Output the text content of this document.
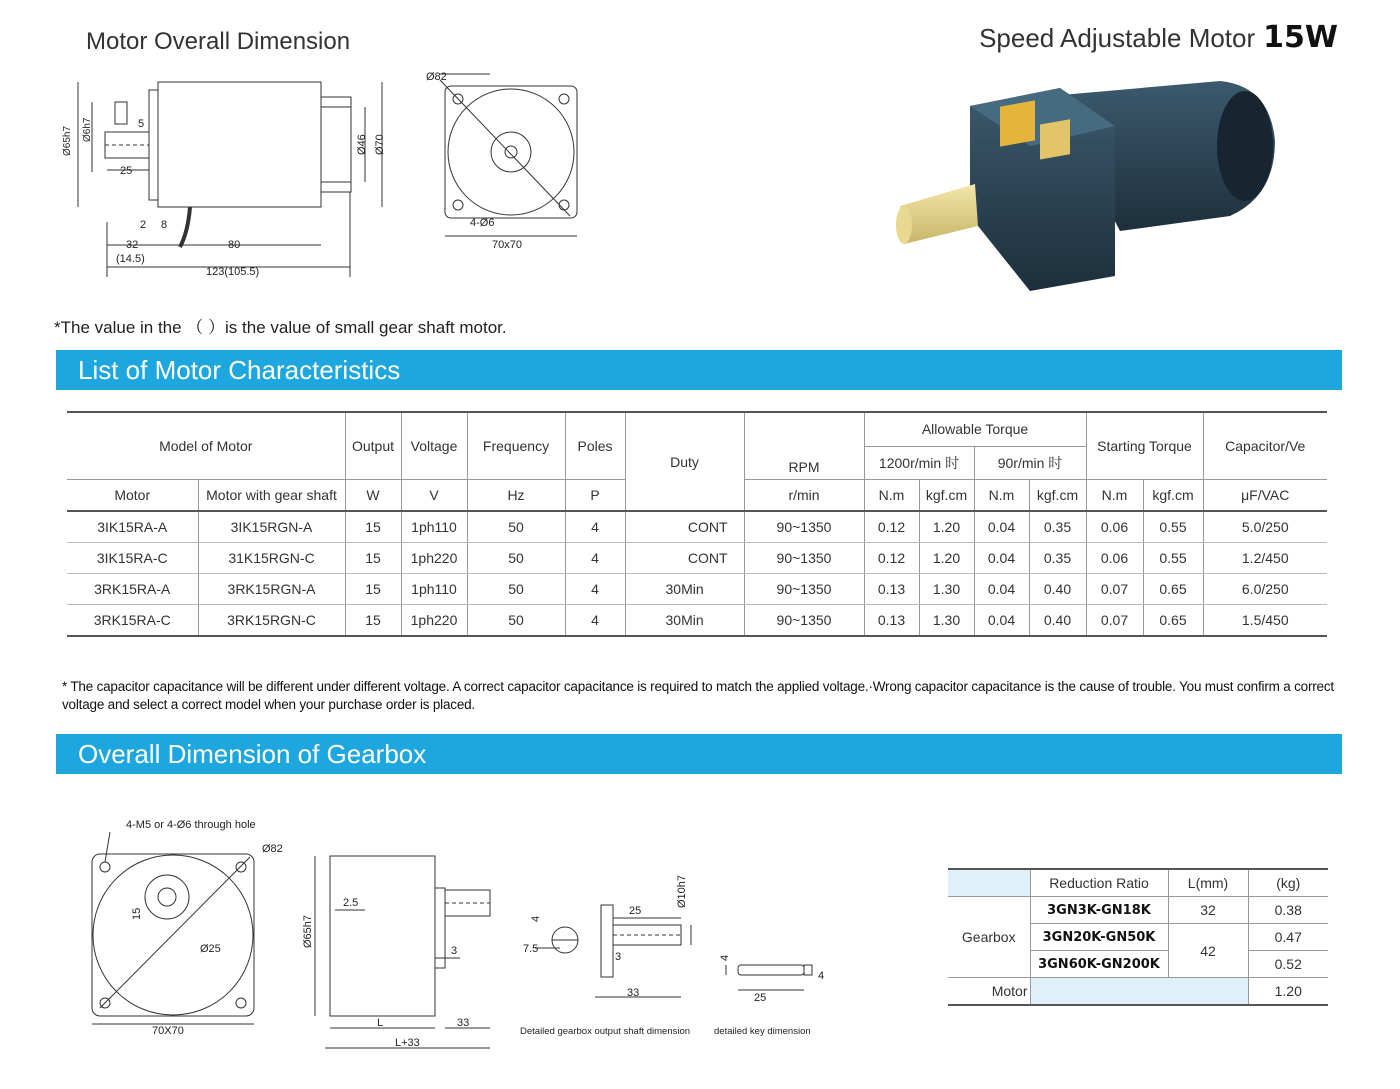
Motor Overall Dimension	Speed Adjustable Motor 15W
Ø65h7 Ø6h7	5
25
2 8
32
(14.5)
80
123(105.5)
Ø46 Ø70
Ø82
4-Ø6
70x70
*The value in the （ ）is the value of small gear shaft motor.
List of Motor Characteristics
Model of Motor		Output	Voltage	Frequency	Poles	Duty	RPM	Allowable Torque				Starting Torque		Capacitor/Ve
								1200r/min 时		90r/min 时				
Motor	Motor with gear shaft	W	V	Hz	P		r/min	N.m	kgf.cm	N.m	kgf.cm	N.m	kgf.cm	μF/VAC
3IK15RA-A	3IK15RGN-A	15	1ph110	50	4	CONT	90~1350	0.12	1.20	0.04	0.35	0.06	0.55	5.0/250
3IK15RA-C	31K15RGN-C	15	1ph220	50	4	CONT	90~1350	0.12	1.20	0.04	0.35	0.06	0.55	1.2/450
3RK15RA-A	3RK15RGN-A	15	1ph110	50	4	30Min	90~1350	0.13	1.30	0.04	0.40	0.07	0.65	6.0/250
3RK15RA-C	3RK15RGN-C	15	1ph220	50	4	30Min	90~1350	0.13	1.30	0.04	0.40	0.07	0.65	1.5/450
* The capacitor capacitance will be different under different voltage. A correct capacitor capacitance is required to match the applied voltage.·Wrong capacitor capacitance is the cause of trouble. You must confirm a correct voltage and select a correct model when your purchase order is placed.
Overall Dimension of Gearbox
4-M5 or 4-Ø6 through hole
Ø82
15
Ø25
70X70
Ø65h7
2.5
3
L	33
L+33
4
7.5
3
25
Ø10h7
33
Detailed gearbox output shaft dimension
4
25
4
detailed key dimension
	Reduction Ratio	L(mm)	(kg)
Gearbox	3GN3K-GN18K	32	0.38
	3GN20K-GN50K	42	0.47
	3GN60K-GN200K		0.52
Motor			1.20
